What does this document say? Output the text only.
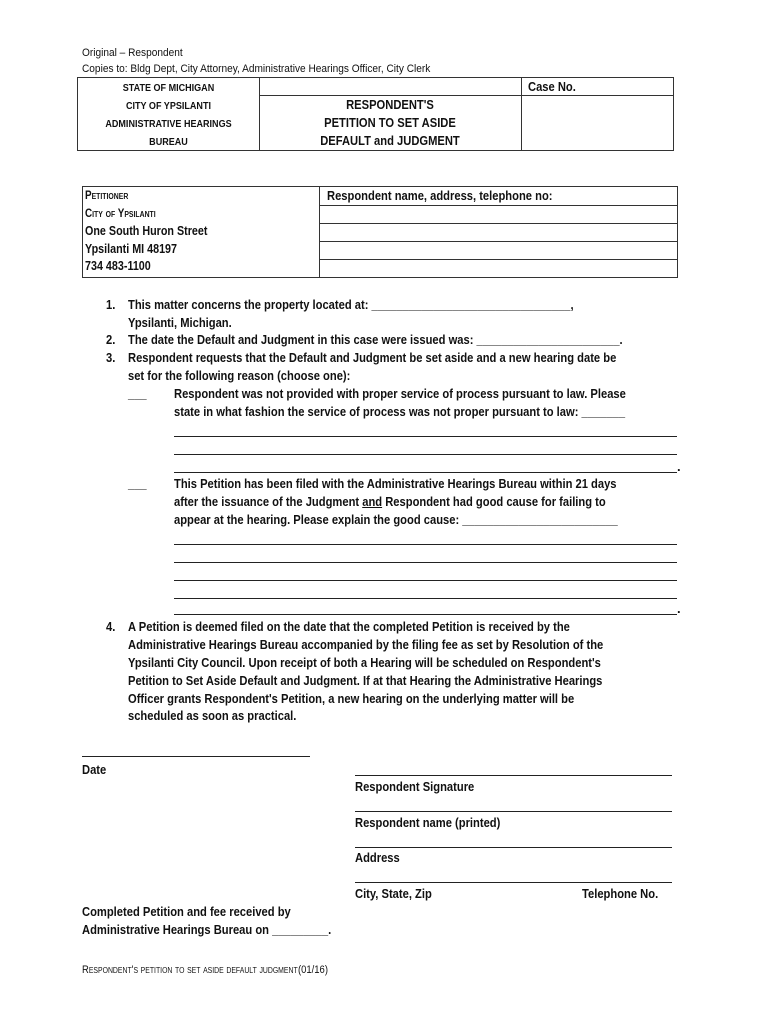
Original – Respondent
Copies to: Bldg Dept, City Attorney, Administrative Hearings Officer, City Clerk
STATE OF MICHIGAN
CITY OF YPSILANTI
ADMINISTRATIVE HEARINGS
BUREAU
RESPONDENT'S
PETITION TO SET ASIDE
DEFAULT and JUDGMENT
Case No.
Petitioner
City of Ypsilanti
One South Huron Street
Ypsilanti MI 48197
734 483-1100
Respondent name, address, telephone no:
1. This matter concerns the property located at: ________________________________,
Ypsilanti, Michigan.
2. The date the Default and Judgment in this case were issued was: _______________________.
3. Respondent requests that the Default and Judgment be set aside and a new hearing date be
set for the following reason (choose one):
___ Respondent was not provided with proper service of process pursuant to law. Please
state in what fashion the service of process was not proper pursuant to law: _______
.
___ This Petition has been filed with the Administrative Hearings Bureau within 21 days
after the issuance of the Judgment and Respondent had good cause for failing to
appear at the hearing. Please explain the good cause: _________________________
.
4. A Petition is deemed filed on the date that the completed Petition is received by the
Administrative Hearings Bureau accompanied by the filing fee as set by Resolution of the
Ypsilanti City Council. Upon receipt of both a Hearing will be scheduled on Respondent's
Petition to Set Aside Default and Judgment. If at that Hearing the Administrative Hearings
Officer grants Respondent's Petition, a new hearing on the underlying matter will be
scheduled as soon as practical.
Date
Respondent Signature
Respondent name (printed)
Address
City, State, Zip	Telephone No.
Completed Petition and fee received by
Administrative Hearings Bureau on _________.
Respondent's petition to set aside default judgment (01/16)
